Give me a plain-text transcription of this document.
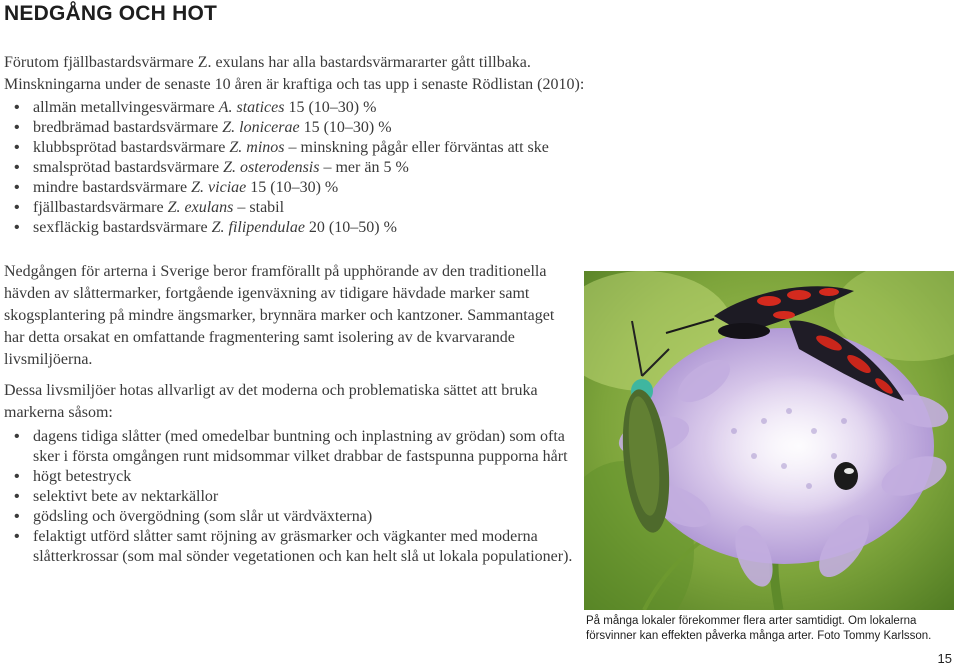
NEDGÅNG OCH HOT

Förutom fjällbastardsvärmare Z. exulans har alla bastardsvärmararter gått tillbaka.
Minskningarna under de senaste 10 åren är kraftiga och tas upp i senaste Rödlistan (2010):

• allmän metallvingesvärmare A. statices 15 (10–30) %
• bredbrämad bastardsvärmare Z. lonicerae 15 (10–30) %
• klubbsprötad bastardsvärmare Z. minos – minskning pågår eller förväntas att ske
• smalsprötad bastardsvärmare Z. osterodensis – mer än 5 %
• mindre bastardsvärmare Z. viciae 15 (10–30) %
• fjällbastardsvärmare Z. exulans – stabil
• sexfläckig bastardsvärmare Z. filipendulae 20 (10–50) %

Nedgången för arterna i Sverige beror framförallt på upphörande av den traditionella hävden av slåttermarker, fortgående igenväxning av tidigare hävdade marker samt skogsplantering på mindre ängsmarker, brynnära marker och kantzoner. Sammantaget har detta orsakat en omfattande fragmentering samt isolering av de kvarvarande livsmiljöerna.

Dessa livsmiljöer hotas allvarligt av det moderna och problematiska sättet att bruka markerna såsom:

• dagens tidiga slåtter (med omedelbar buntning och inplastning av grödan) som ofta sker i första omgången runt midsommar vilket drabbar de fastspunna pupporna hårt
• högt betestryck
• selektivt bete av nektarkällor
• gödsling och övergödning (som slår ut värdväxterna)
• felaktigt utförd slåtter samt röjning av gräsmarker och vägkanter med moderna slåtterkrossar (som mal sönder vegetationen och kan helt slå ut lokala populationer).

På många lokaler förekommer flera arter samtidigt. Om lokalerna
försvinner kan effekten påverka många arter. Foto Tommy Karlsson.

15
